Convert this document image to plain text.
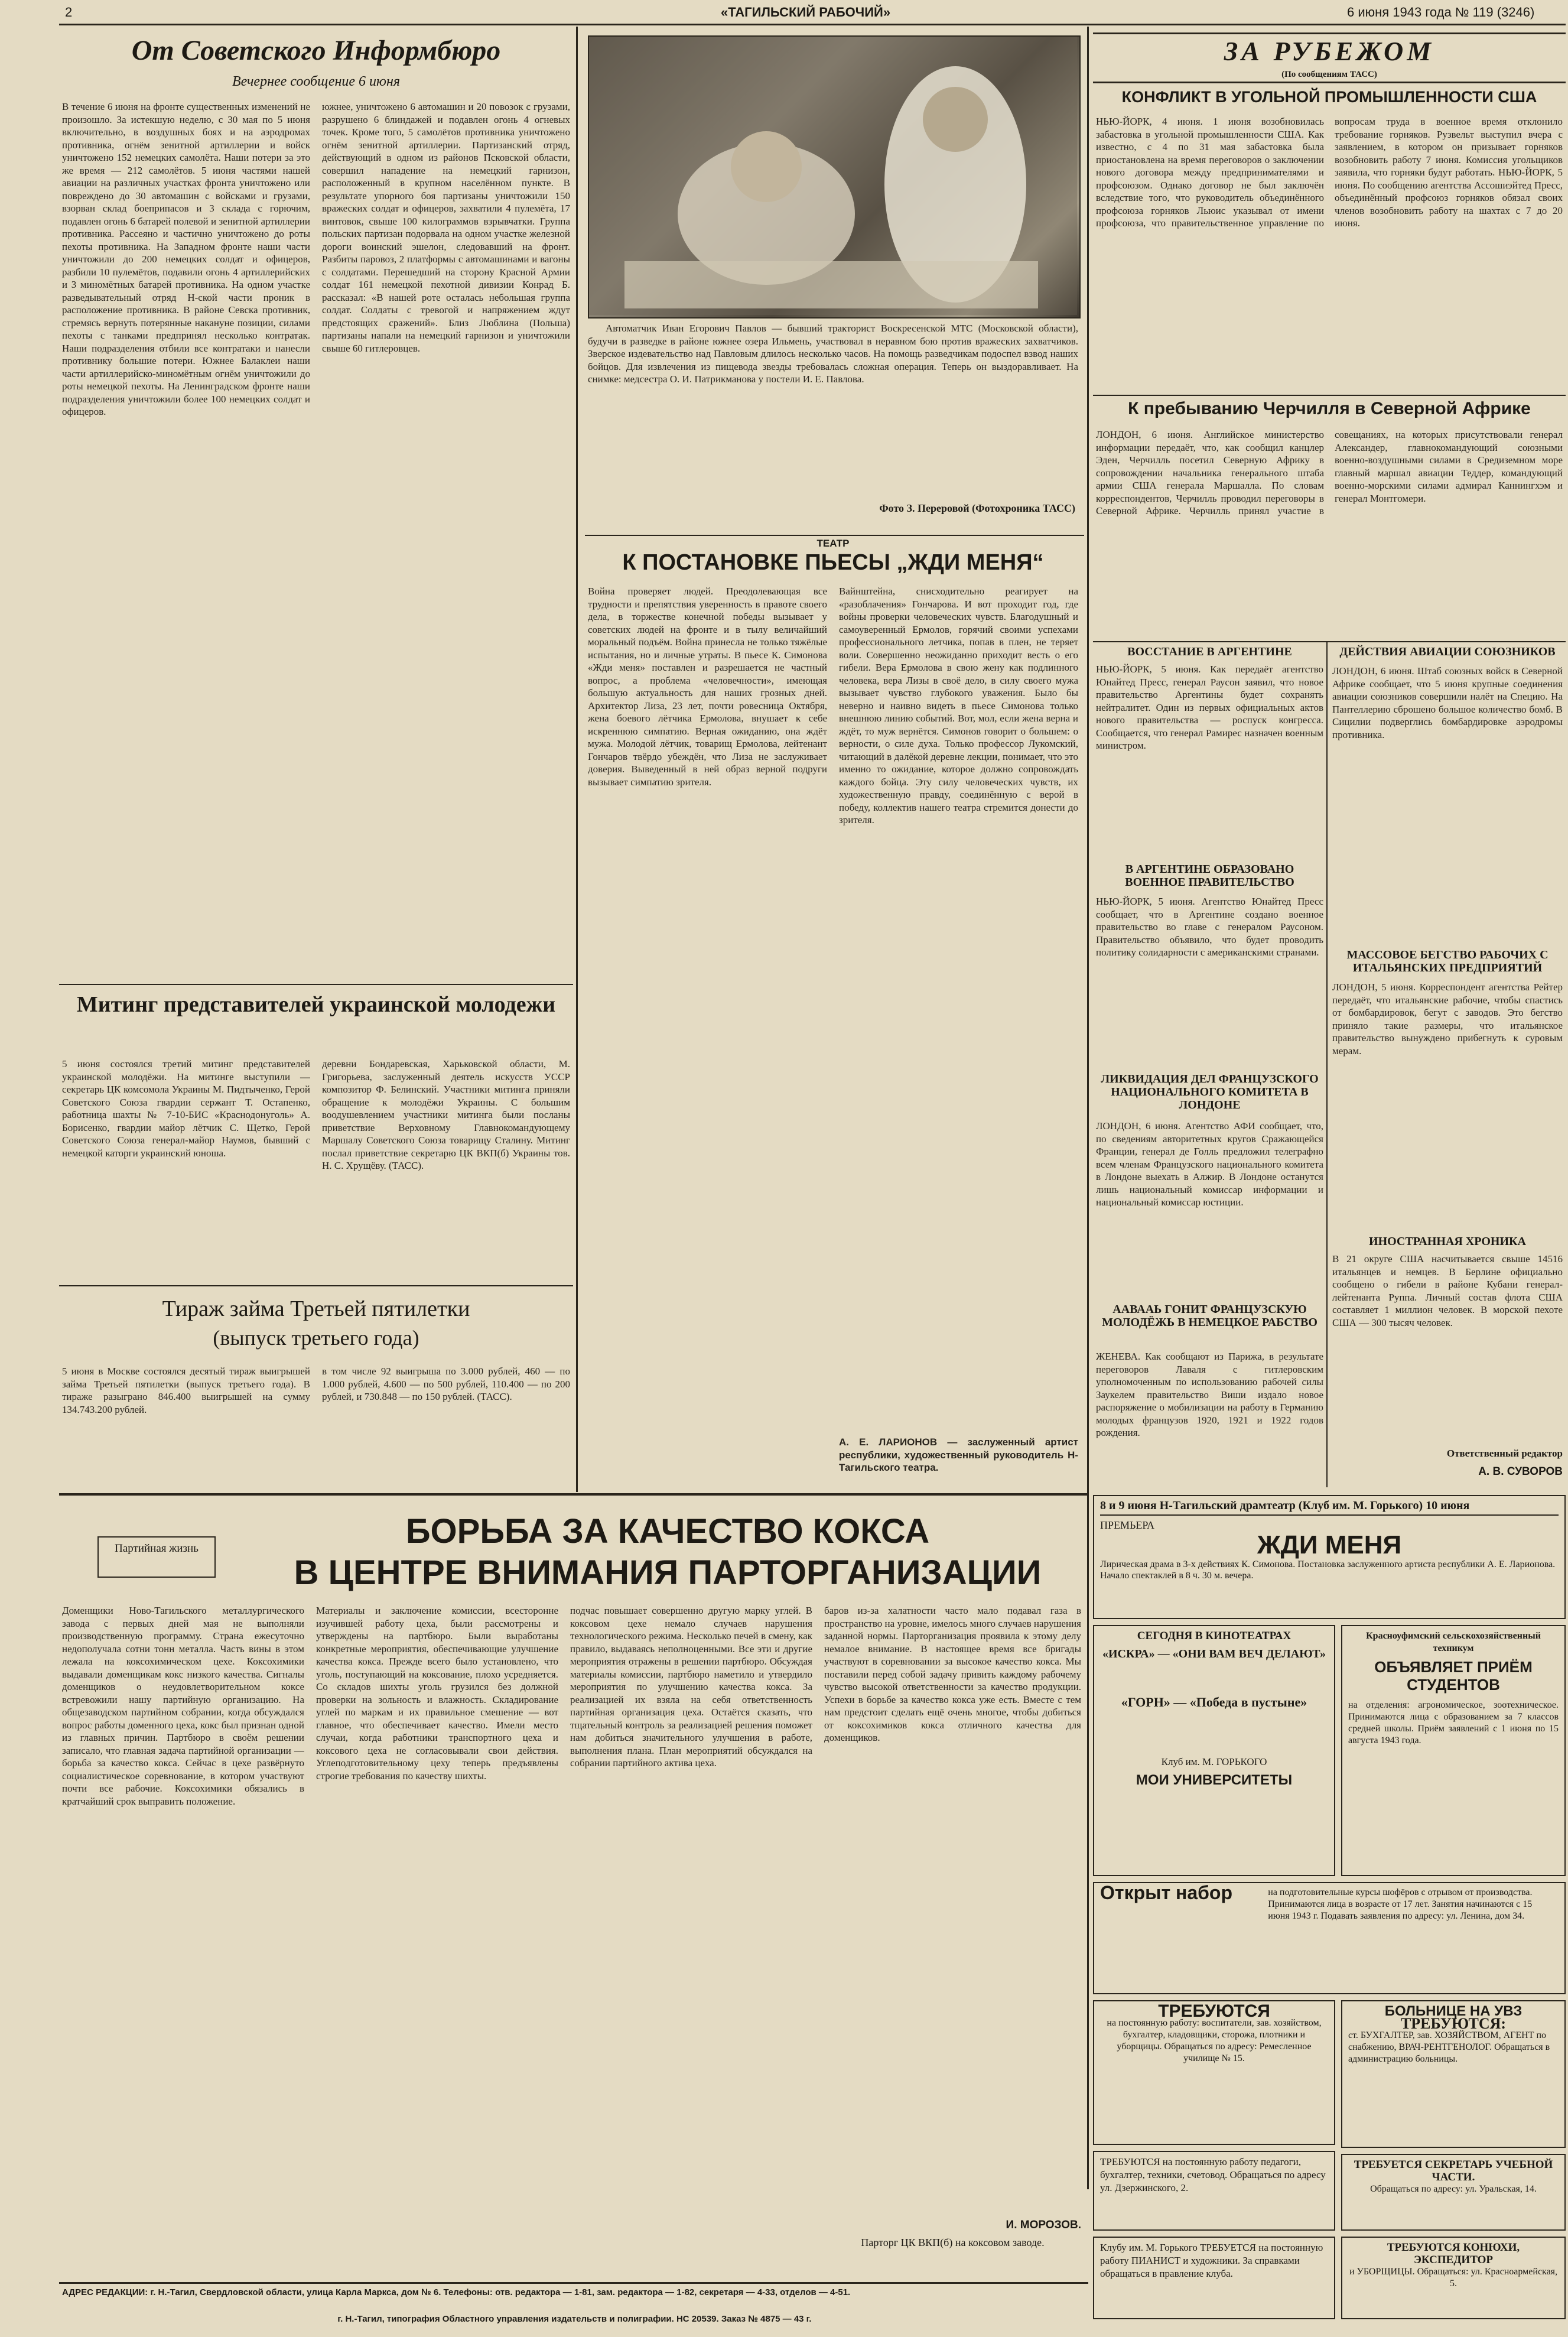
2	«ТАГИЛЬСКИЙ РАБОЧИЙ»	6 июня 1943 года № 119 (3246)
От Советского Информбюро
Вечернее сообщение 6 июня
В течение 6 июня на фронте существенных изменений не произошло. За истекшую неделю, с 30 мая по 5 июня включительно, в воздушных боях и на аэродромах противника, огнём зенитной артиллерии и войск уничтожено 152 немецких самолёта. Наши потери за это же время — 212 самолётов. 5 июня частями нашей авиации на различных участках фронта уничтожено или повреждено до 30 автомашин с войсками и грузами, взорван склад боеприпасов и 3 склада с горючим, подавлен огонь 6 батарей полевой и зенитной артиллерии противника. Рассеяно и частично уничтожено до роты пехоты противника. На Западном фронте наши части уничтожили до 200 немецких солдат и офицеров, разбили 10 пулемётов, подавили огонь 4 артиллерийских и 3 миномётных батарей противника. На одном участке разведывательный отряд Н-ской части проник в расположение противника. В районе Севска противник, стремясь вернуть потерянные накануне позиции, силами пехоты с танками предпринял несколько контратак. Наши подразделения отбили все контратаки и нанесли противнику большие потери. Южнее Балаклеи наши части артиллерийско-миномётным огнём уничтожили до роты немецкой пехоты. На Ленинградском фронте наши подразделения уничтожили более 100 немецких солдат и офицеров.
южнее, уничтожено 6 автомашин и 20 повозок с грузами, разрушено 6 блиндажей и подавлен огонь 4 огневых точек. Кроме того, 5 самолётов противника уничтожено огнём зенитной артиллерии. Партизанский отряд, действующий в одном из районов Псковской области, совершил нападение на немецкий гарнизон, расположенный в крупном населённом пункте. В результате упорного боя партизаны уничтожили 150 вражеских солдат и офицеров, захватили 4 пулемёта, 17 винтовок, свыше 100 килограммов взрывчатки. Группа польских партизан подорвала на одном участке железной дороги воинский эшелон, следовавший на фронт. Разбиты паровоз, 2 платформы с автомашинами и вагоны с солдатами. Перешедший на сторону Красной Армии солдат 161 немецкой пехотной дивизии Конрад Б. рассказал: «В нашей роте осталась небольшая группа солдат. Солдаты с тревогой и напряжением ждут предстоящих сражений». Близ Люблина (Польша) партизаны напали на немецкий гарнизон и уничтожили свыше 60 гитлеровцев.
Митинг представителей украинской молодежи
5 июня состоялся третий митинг представителей украинской молодёжи. На митинге выступили — секретарь ЦК комсомола Украины М. Пидтыченко, Герой Советского Союза гвардии сержант Т. Остапенко, работница шахты № 7-10-БИС «Краснодонуголь» А. Борисенко, гвардии майор лётчик С. Щетко, Герой Советского Союза генерал-майор Наумов, бывший с немецкой каторги украинский юноша.
деревни Бондаревская, Харьковской области, М. Григорьева, заслуженный деятель искусств УССР композитор Ф. Белинский. Участники митинга приняли обращение к молодёжи Украины. С большим воодушевлением участники митинга были посланы приветствие Верховному Главнокомандующему Маршалу Советского Союза товарищу Сталину. Митинг послал приветствие секретарю ЦК ВКП(б) Украины тов. Н. С. Хрущёву. (ТАСС).
Тираж займа Третьей пятилетки
(выпуск третьего года)
5 июня в Москве состоялся десятый тираж выигрышей займа Третьей пятилетки (выпуск третьего года). В тираже разыграно 846.400 выигрышей на сумму 134.743.200 рублей.
в том числе 92 выигрыша по 3.000 рублей, 460 — по 1.000 рублей, 4.600 — по 500 рублей, 110.400 — по 200 рублей, и 730.848 — по 150 рублей. (ТАСС).
Автоматчик Иван Егорович Павлов — бывший тракторист Воскресенской МТС (Московской области), будучи в разведке в районе южнее озера Ильмень, участвовал в неравном бою против вражеских захватчиков. Зверское издевательство над Павловым длилось несколько часов. На помощь разведчикам подоспел взвод наших бойцов. Для извлечения из пищевода звезды требовалась сложная операция. Теперь он выздоравливает. На снимке: медсестра О. И. Патрикманова у постели И. Е. Павлова.
Фото З. Переровой (Фотохроника ТАСС)
ТЕАТР
К ПОСТАНОВКЕ ПЬЕСЫ „ЖДИ МЕНЯ“
Война проверяет людей. Преодолевающая все трудности и препятствия уверенность в правоте своего дела, в торжестве конечной победы вызывает у советских людей на фронте и в тылу величайший моральный подъём. Война принесла не только тяжёлые испытания, но и личные утраты. В пьесе К. Симонова «Жди меня» поставлен и разрешается не частный вопрос, а проблема «человечности», имеющая большую актуальность для наших грозных дней. Архитектор Лиза, 23 лет, почти ровесница Октября, жена боевого лётчика Ермолова, внушает к себе искреннюю симпатию. Верная ожиданию, она ждёт мужа. Молодой лётчик, товарищ Ермолова, лейтенант Гончаров твёрдо убеждён, что Лиза не заслуживает доверия. Выведенный в ней образ верной подруги вызывает симпатию зрителя.
Вайнштейна, снисходительно реагирует на «разоблачения» Гончарова. И вот проходит год, где войны проверки человеческих чувств. Благодушный и самоуверенный Ермолов, горячий своими успехами профессионального летчика, попав в плен, не теряет воли. Совершенно неожиданно приходит весть о его гибели. Вера Ермолова в свою жену как подлинного человека, вера Лизы в своё дело, в силу своего мужа вызывает чувство глубокого уважения. Было бы неверно и наивно видеть в пьесе Симонова только внешнюю линию событий. Вот, мол, если жена верна и ждёт, то муж вернётся. Симонов говорит о большем: о верности, о силе духа. Только профессор Лукомский, читающий в далёкой деревне лекции, понимает, что это именно то ожидание, которое должно сопровождать каждого бойца. Эту силу человеческих чувств, их художественную правду, соединённую с верой в победу, коллектив нашего театра стремится донести до зрителя.
А. Е. ЛАРИОНОВ — заслуженный артист республики, художественный руководитель Н-Тагильского театра.
ЗА РУБЕЖОМ
(По сообщениям ТАСС)
КОНФЛИКТ В УГОЛЬНОЙ ПРОМЫШЛЕННОСТИ США
НЬЮ-ЙОРК, 4 июня. 1 июня возобновилась забастовка в угольной промышленности США. Как известно, с 4 по 31 мая забастовка была приостановлена на время переговоров о заключении нового договора между предпринимателями и профсоюзом. Однако договор не был заключён вследствие того, что руководитель объединённого профсоюза горняков Льюис указывал от имени профсоюза, что правительственное управление по вопросам труда в военное время отклонило требование горняков. Рузвельт выступил вчера с заявлением, в котором он призывает горняков возобновить работу 7 июня. Комиссия угольщиков заявила, что горняки будут работать. НЬЮ-ЙОРК, 5 июня. По сообщению агентства Ассошиэйтед Пресс, объединённый профсоюз горняков обязал своих членов возобновить работу на шахтах с 7 до 20 июня.
К пребыванию Черчилля в Северной Африке
ЛОНДОН, 6 июня. Английское министерство информации передаёт, что, как сообщил канцлер Эден, Черчилль посетил Северную Африку в сопровождении начальника генерального штаба армии США генерала Маршалла. По словам корреспондентов, Черчилль проводил переговоры в Северной Африке. Черчилль принял участие в совещаниях, на которых присутствовали генерал Александер, главнокомандующий союзными военно-воздушными силами в Средиземном море главный маршал авиации Теддер, командующий военно-морскими силами адмирал Каннингхэм и генерал Монтгомери.
ВОССТАНИЕ В АРГЕНТИНЕ
НЬЮ-ЙОРК, 5 июня. Как передаёт агентство Юнайтед Пресс, генерал Раусон заявил, что новое правительство Аргентины будет сохранять нейтралитет. Один из первых официальных актов нового правительства — роспуск конгресса. Сообщается, что генерал Рамирес назначен военным министром.
В АРГЕНТИНЕ ОБРАЗОВАНО ВОЕННОЕ ПРАВИТЕЛЬСТВО
НЬЮ-ЙОРК, 5 июня. Агентство Юнайтед Пресс сообщает, что в Аргентине создано военное правительство во главе с генералом Раусоном. Правительство объявило, что будет проводить политику солидарности с американскими странами.
ЛИКВИДАЦИЯ ДЕЛ ФРАНЦУЗСКОГО НАЦИОНАЛЬНОГО КОМИТЕТА В ЛОНДОНЕ
ЛОНДОН, 6 июня. Агентство АФИ сообщает, что, по сведениям авторитетных кругов Сражающейся Франции, генерал де Голль предложил телеграфно всем членам Французского национального комитета в Лондоне выехать в Алжир. В Лондоне останутся лишь национальный комиссар информации и национальный комиссар юстиции.
ААВААЬ ГОНИТ ФРАНЦУЗСКУЮ МОЛОДЁЖЬ В НЕМЕЦКОЕ РАБСТВО
ЖЕНЕВА. Как сообщают из Парижа, в результате переговоров Лаваля с гитлеровским уполномоченным по использованию рабочей силы Заукелем правительство Виши издало новое распоряжение о мобилизации на работу в Германию молодых французов 1920, 1921 и 1922 годов рождения.
ДЕЙСТВИЯ АВИАЦИИ СОЮЗНИКОВ
ЛОНДОН, 6 июня. Штаб союзных войск в Северной Африке сообщает, что 5 июня крупные соединения авиации союзников совершили налёт на Специю. На Пантеллерию сброшено большое количество бомб. В Сицилии подверглись бомбардировке аэродромы противника.
МАССОВОЕ БЕГСТВО РАБОЧИХ С ИТАЛЬЯНСКИХ ПРЕДПРИЯТИЙ
ЛОНДОН, 5 июня. Корреспондент агентства Рейтер передаёт, что итальянские рабочие, чтобы спастись от бомбардировок, бегут с заводов. Это бегство приняло такие размеры, что итальянское правительство вынуждено прибегнуть к суровым мерам.
ИНОСТРАННАЯ ХРОНИКА
В 21 округе США насчитывается свыше 14516 итальянцев и немцев. В Берлине официально сообщено о гибели в районе Кубани генерал-лейтенанта Руппа. Личный состав флота США составляет 1 миллион человек. В морской пехоте США — 300 тысяч человек.
Ответственный редактор
А. В. СУВОРОВ
Партийная жизнь	БОРЬБА ЗА КАЧЕСТВО КОКСА
В ЦЕНТРЕ ВНИМАНИЯ ПАРТОРГАНИЗАЦИИ
Доменщики Ново-Тагильского металлургического завода с первых дней мая не выполняли производственную программу. Страна ежесуточно недополучала сотни тонн металла. Часть вины в этом лежала на коксохимическом цехе. Коксохимики выдавали доменщикам кокс низкого качества. Сигналы доменщиков о неудовлетворительном коксе встревожили нашу партийную организацию. На общезаводском партийном собрании, когда обсуждался вопрос работы доменного цеха, кокс был признан одной из главных причин. Партбюро в своём решении записало, что главная задача партийной организации — борьба за качество кокса. Сейчас в цехе развёрнуто социалистическое соревнование, в котором участвуют почти все рабочие. Коксохимики обязались в кратчайший срок выправить положение.
Материалы и заключение комиссии, всесторонне изучившей работу цеха, были рассмотрены и утверждены на партбюро. Были выработаны конкретные мероприятия, обеспечивающие улучшение качества кокса. Прежде всего было установлено, что уголь, поступающий на коксование, плохо усредняется. Со складов шихты уголь грузился без должной проверки на зольность и влажность. Складирование углей по маркам и их правильное смешение — вот главное, что обеспечивает качество. Имели место случаи, когда работники транспортного цеха и коксового цеха не согласовывали свои действия. Углеподготовительному цеху теперь предъявлены строгие требования по качеству шихты.
подчас повышает совершенно другую марку углей. В коксовом цехе немало случаев нарушения технологического режима. Несколько печей в смену, как правило, выдаваясь неполноценными. Все эти и другие мероприятия отражены в решении партбюро. Обсуждая материалы комиссии, партбюро наметило и утвердило мероприятия по улучшению качества кокса. За реализацией их взяла на себя ответственность партийная организация цеха. Остаётся сказать, что тщательный контроль за реализацией решения поможет нам добиться значительного улучшения в работе, выполнения плана. План мероприятий обсуждался на собрании партийного актива цеха.
баров из-за халатности часто мало подавал газа в пространство на уровне, имелось много случаев нарушения заданной нормы. Парторганизация проявила к этому делу немалое внимание. В настоящее время все бригады участвуют в соревновании за высокое качество кокса. Мы поставили перед собой задачу привить каждому рабочему чувство высокой ответственности за качество продукции. Успехи в борьбе за качество кокса уже есть. Вместе с тем нам предстоит сделать ещё очень многое, чтобы добиться от коксохимиков кокса отличного качества для доменщиков.
И. МОРОЗОВ.
Парторг ЦК ВКП(б) на коксовом заводе.
8 и 9 июня Н-Тагильский драмтеатр (Клуб им. М. Горького) 10 июня
ПРЕМЬЕРА
ЖДИ МЕНЯ
Лирическая драма в 3-х действиях К. Симонова. Постановка заслуженного артиста республики А. Е. Ларионова. Начало спектаклей в 8 ч. 30 м. вечера.
СЕГОДНЯ В КИНОТЕАТРАХ
«ИСКРА» — «ОНИ ВАМ ВЕЧ ДЕЛАЮТ»
«ГОРН» — «Победа в пустыне»
Клуб им. М. ГОРЬКОГО
МОИ УНИВЕРСИТЕТЫ
Красноуфимский сельскохозяйственный техникум
ОБЪЯВЛЯЕТ ПРИЁМ СТУДЕНТОВ
на отделения: агрономическое, зоотехническое. Принимаются лица с образованием за 7 классов средней школы. Приём заявлений с 1 июня по 15 августа 1943 года.
Открыт набор	на подготовительные курсы шофёров с отрывом от производства. Принимаются лица в возрасте от 17 лет. Занятия начинаются с 15 июня 1943 г. Подавать заявления по адресу: ул. Ленина, дом 34.
ТРЕБУЮТСЯ
на постоянную работу: воспитатели, зав. хозяйством, бухгалтер, кладовщики, сторожа, плотники и уборщицы. Обращаться по адресу: Ремесленное училище № 15.
ТРЕБУЮТСЯ на постоянную работу педагоги, бухгалтер, техники, счетовод. Обращаться по адресу ул. Дзержинского, 2.
Клубу им. М. Горького ТРЕБУЕТСЯ на постоянную работу ПИАНИСТ и художники. За справками обращаться в правление клуба.
БОЛЬНИЦЕ НА УВЗ
ТРЕБУЮТСЯ:
ст. БУХГАЛТЕР, зав. ХОЗЯЙСТВОМ, АГЕНТ по снабжению, ВРАЧ-РЕНТГЕНОЛОГ. Обращаться в администрацию больницы.
ТРЕБУЕТСЯ СЕКРЕТАРЬ УЧЕБНОЙ ЧАСТИ.
Обращаться по адресу: ул. Уральская, 14.
ТРЕБУЮТСЯ КОНЮХИ, ЭКСПЕДИТОР
и УБОРЩИЦЫ. Обращаться: ул. Красноармейская, 5.
АДРЕС РЕДАКЦИИ: г. Н.-Тагил, Свердловской области, улица Карла Маркса, дом № 6. Телефоны: отв. редактора — 1-81, зам. редактора — 1-82, секретаря — 4-33, отделов — 4-51.
г. Н.-Тагил, типография Областного управления издательств и полиграфии. НС 20539. Заказ № 4875 — 43 г.
